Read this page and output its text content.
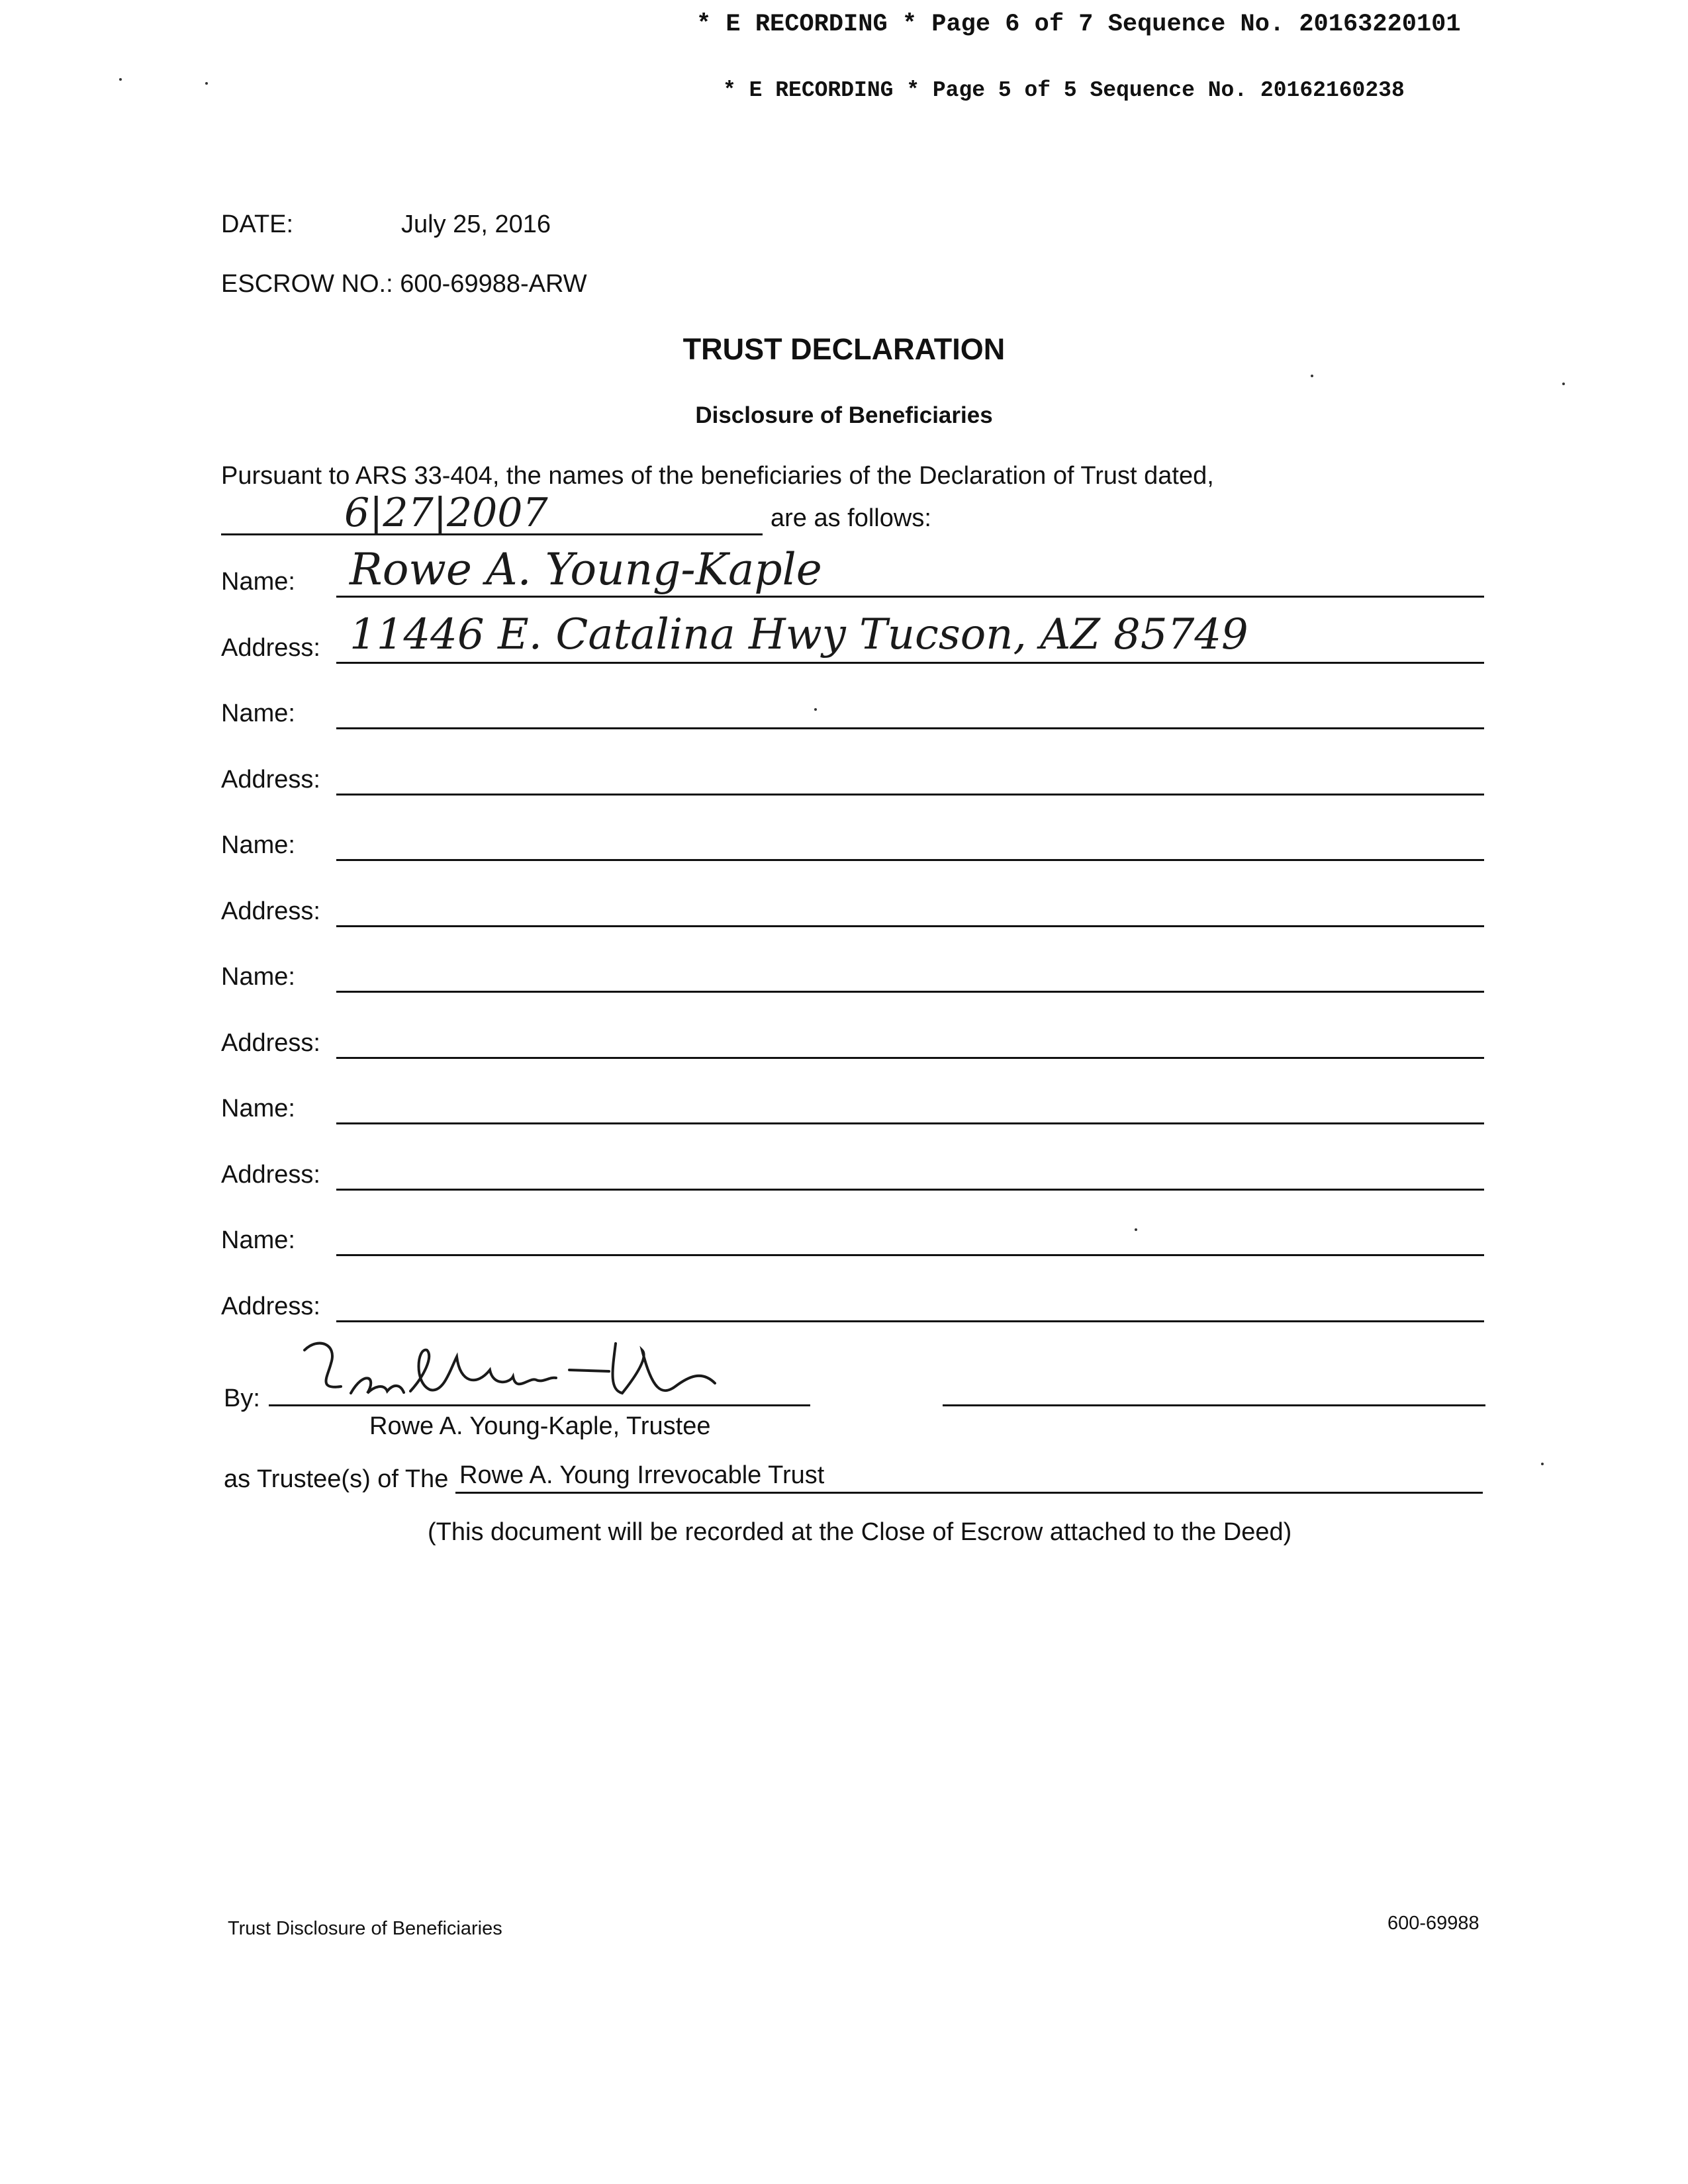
* E RECORDING * Page 6 of 7 Sequence No. 20163220101
* E RECORDING * Page 5 of 5 Sequence No. 20162160238
DATE:	July 25, 2016
ESCROW NO.: 600-69988-ARW
TRUST DECLARATION
Disclosure of Beneficiaries
Pursuant to ARS 33-404, the names of the beneficiaries of the Declaration of Trust dated,
6|27|2007	are as follows:
Name: Rowe A. Young-Kaple
Address: 11446 E. Catalina Hwy Tucson, AZ 85749
Name:
Address:
Name:
Address:
Name:
Address:
Name:
Address:
Name:
Address:
By:
Rowe A. Young-Kaple, Trustee
as Trustee(s) of The Rowe A. Young Irrevocable Trust
(This document will be recorded at the Close of Escrow attached to the Deed)
Trust Disclosure of Beneficiaries	600-69988
